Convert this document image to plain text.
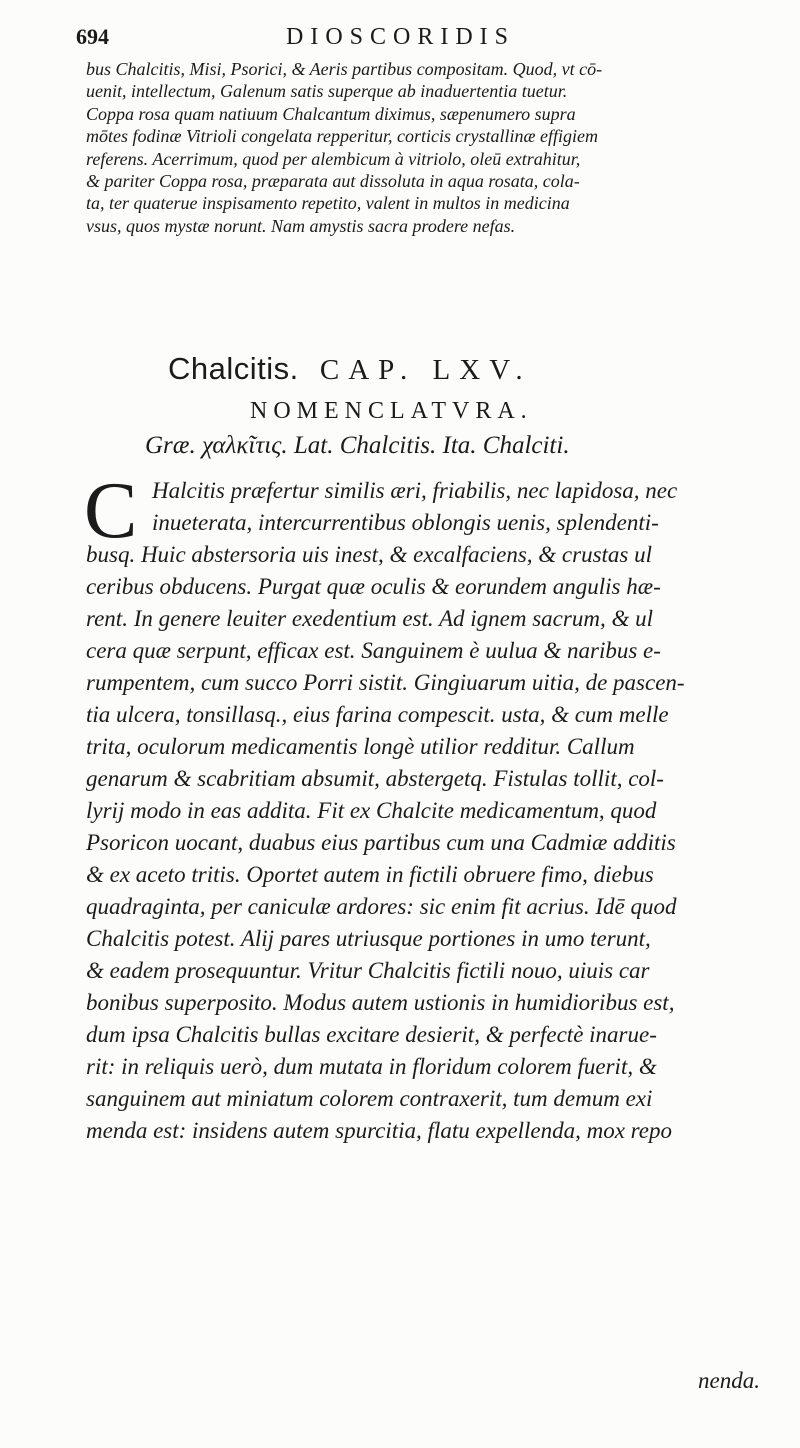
694	DIOSCORIDIS
bus Chalcitis, Misi, Psorici, & Aeris partibus compositam. Quod, vt cō-
uenit, intellectum, Galenum satis superque ab inaduertentia tuetur.
Coppa rosa quam natiuum Chalcantum diximus, sæpenumero supra
mōtes fodinæ Vitrioli congelata repperitur, corticis crystallinæ effigiem
referens. Acerrimum, quod per alembicum à vitriolo, oleū extrahitur,
& pariter Coppa rosa, præparata aut dissoluta in aqua rosata, cola-
ta, ter quaterue inspisamento repetito, valent in multos in medicina
vsus, quos mystæ norunt. Nam amystis sacra prodere nefas.
Chalcitis. CAP. LXV.
NOMENCLATVRA.
Græ. χαλκῖτις. Lat. Chalcitis. Ita. Chalciti.
C Halcitis præfertur similis æri, friabilis, nec lapidosa, nec
inueterata, intercurrentibus oblongis uenis, splendenti-
busq. Huic abstersoria uis inest, & excalfaciens, & crustas ul
ceribus obducens. Purgat quæ oculis & eorundem angulis hæ-
rent. In genere leuiter exedentium est. Ad ignem sacrum, & ul
cera quæ serpunt, efficax est. Sanguinem è uulua & naribus e-
rumpentem, cum succo Porri sistit. Gingiuarum uitia, de pascen-
tia ulcera, tonsillasq., eius farina compescit. usta, & cum melle
trita, oculorum medicamentis longè utilior redditur. Callum
genarum & scabritiam absumit, abstergetq. Fistulas tollit, col-
lyrij modo in eas addita. Fit ex Chalcite medicamentum, quod
Psoricon uocant, duabus eius partibus cum una Cadmiæ additis
& ex aceto tritis. Oportet autem in fictili obruere fimo, diebus
quadraginta, per caniculæ ardores: sic enim fit acrius. Idē quod
Chalcitis potest. Alij pares utriusque portiones in umo terunt,
& eadem prosequuntur. Vritur Chalcitis fictili nouo, uiuis car
bonibus superposito. Modus autem ustionis in humidioribus est,
dum ipsa Chalcitis bullas excitare desierit, & perfectè inarue-
rit: in reliquis uerò, dum mutata in floridum colorem fuerit, &
sanguinem aut miniatum colorem contraxerit, tum demum exi
menda est: insidens autem spurcitia, flatu expellenda, mox repo
nenda.
